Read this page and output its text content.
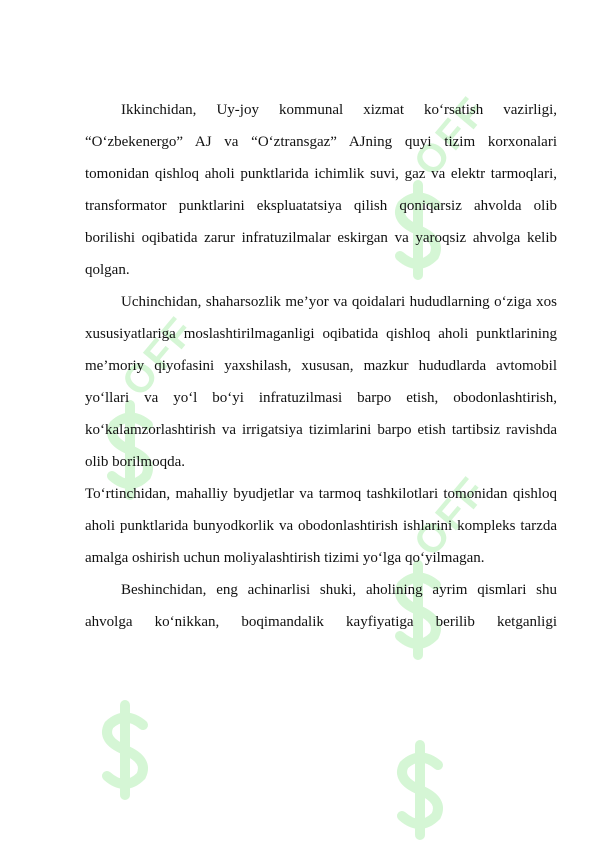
OFF
OFF
OFF

Ikkinchidan, Uy-joy kommunal xizmat ko‘rsatish vazirligi, “O‘zbekenergo” AJ va “O‘ztransgaz” AJning quyi tizim korxonalari tomonidan qishloq aholi punktlarida ichimlik suvi, gaz va elektr tarmoqlari, transformator punktlarini ekspluatatsiya qilish qoniqarsiz ahvolda olib borilishi oqibatida zarur infratuzilmalar eskirgan va yaroqsiz ahvolga kelib qolgan.

Uchinchidan, shaharsozlik me’yor va qoidalari hududlarning o‘ziga xos xususiyatlariga moslashtirilmaganligi oqibatida qishloq aholi punktlarining me’moriy qiyofasini yaxshilash, xususan, mazkur hududlarda avtomobil yo‘llari va yo‘l bo‘yi infratuzilmasi barpo etish, obodonlashtirish, ko‘kalamzorlashtirish va irrigatsiya tizimlarini barpo etish tartibsiz ravishda olib borilmoqda.

To‘rtinchidan, mahalliy byudjetlar va tarmoq tashkilotlari tomonidan qishloq aholi punktlarida bunyodkorlik va obodonlashtirish ishlarini kompleks tarzda amalga oshirish uchun moliyalashtirish tizimi yo‘lga qo‘yilmagan.

Beshinchidan, eng achinarlisi shuki, aholining ayrim qismlari shu ahvolga ko‘nikkan, boqimandalik kayfiyatiga berilib ketganligi
